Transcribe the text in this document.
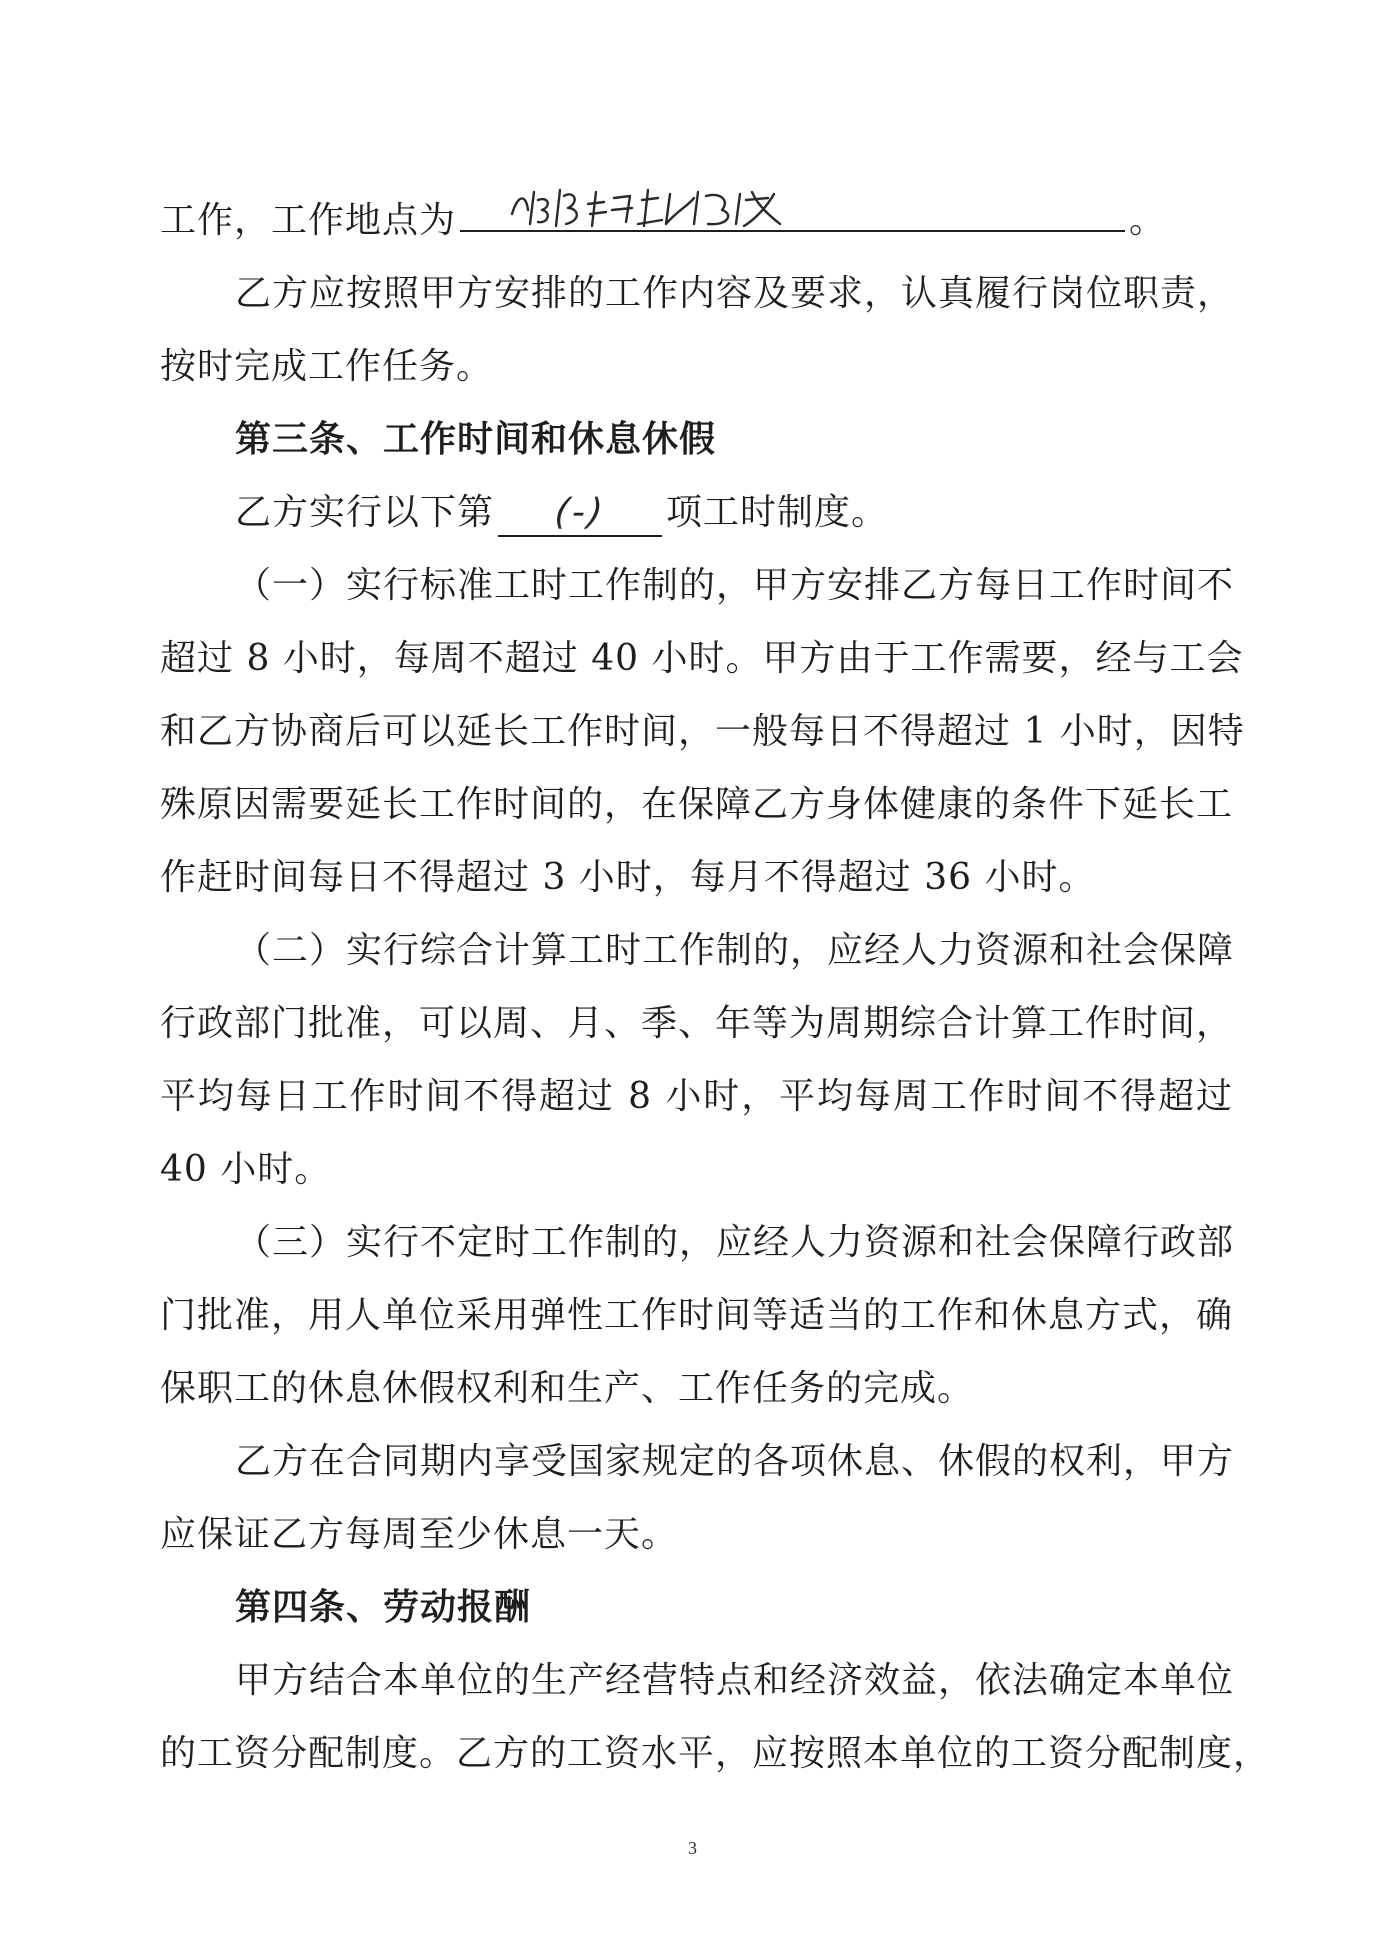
工作，工作地点为	。
乙方应按照甲方安排的工作内容及要求，认真履行岗位职责，
按时完成工作任务。
第三条、工作时间和休息休假
乙方实行以下第 (-) 项工时制度。
（一）实行标准工时工作制的，甲方安排乙方每日工作时间不
超过 8 小时，每周不超过 40 小时。甲方由于工作需要，经与工会
和乙方协商后可以延长工作时间，一般每日不得超过 1 小时，因特
殊原因需要延长工作时间的，在保障乙方身体健康的条件下延长工
作赶时间每日不得超过 3 小时，每月不得超过 36 小时。
（二）实行综合计算工时工作制的，应经人力资源和社会保障
行政部门批准，可以周、月、季、年等为周期综合计算工作时间，
平均每日工作时间不得超过 8 小时，平均每周工作时间不得超过
40 小时。
（三）实行不定时工作制的，应经人力资源和社会保障行政部
门批准，用人单位采用弹性工作时间等适当的工作和休息方式，确
保职工的休息休假权利和生产、工作任务的完成。
乙方在合同期内享受国家规定的各项休息、休假的权利，甲方
应保证乙方每周至少休息一天。
第四条、劳动报酬
甲方结合本单位的生产经营特点和经济效益，依法确定本单位
的工资分配制度。乙方的工资水平，应按照本单位的工资分配制度，
3
